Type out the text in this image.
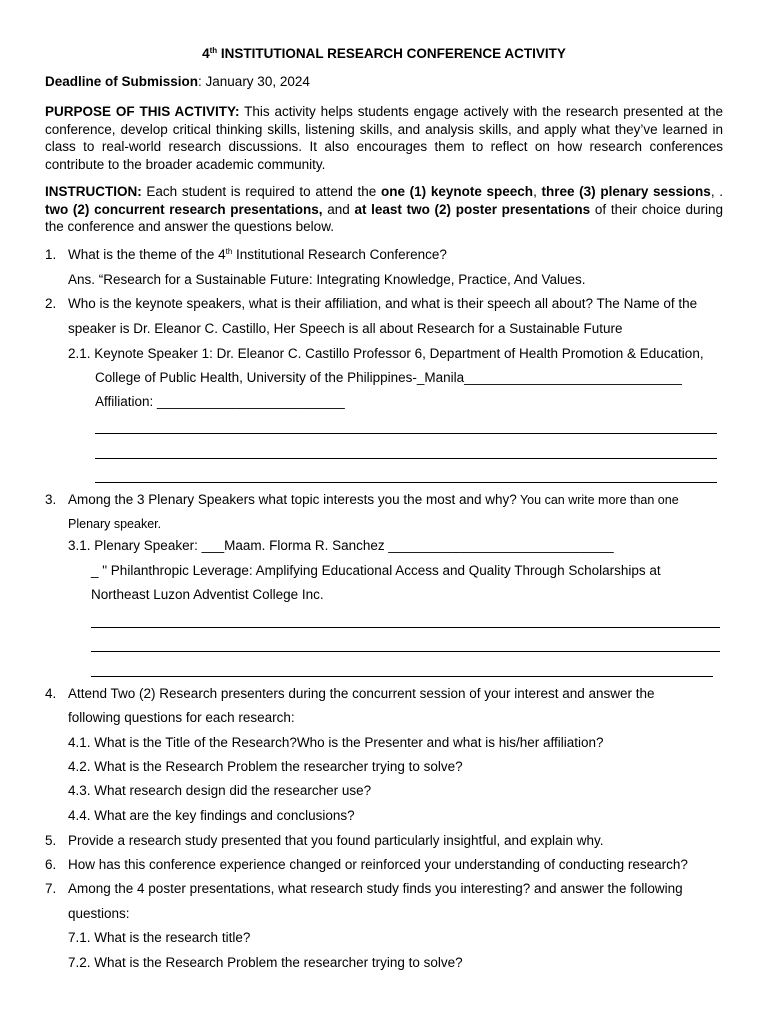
4th INSTITUTIONAL RESEARCH CONFERENCE ACTIVITY
Deadline of Submission: January 30, 2024
PURPOSE OF THIS ACTIVITY: This activity helps students engage actively with the research presented at the conference, develop critical thinking skills, listening skills, and analysis skills, and apply what they’ve learned in class to real-world research discussions. It also encourages them to reflect on how research conferences contribute to the broader academic community.
INSTRUCTION: Each student is required to attend the one (1) keynote speech, three (3) plenary sessions, . two (2) concurrent research presentations, and at least two (2) poster presentations of their choice during the conference and answer the questions below.
1. What is the theme of the 4th Institutional Research Conference?
Ans. “Research for a Sustainable Future: Integrating Knowledge, Practice, And Values.
2. Who is the keynote speakers, what is their affiliation, and what is their speech all about? The Name of the
speaker is Dr. Eleanor C. Castillo, Her Speech is all about Research for a Sustainable Future
2.1. Keynote Speaker 1: Dr. Eleanor C. Castillo Professor 6, Department of Health Promotion & Education,
College of Public Health, University of the Philippines-_Manila_____________________________
Affiliation: _________________________
3. Among the 3 Plenary Speakers what topic interests you the most and why? You can write more than one
Plenary speaker.
3.1. Plenary Speaker: ___Maam. Florma R. Sanchez ______________________________
_ " Philanthropic Leverage: Amplifying Educational Access and Quality Through Scholarships at
Northeast Luzon Adventist College Inc.
4. Attend Two (2) Research presenters during the concurrent session of your interest and answer the
following questions for each research:
4.1. What is the Title of the Research?Who is the Presenter and what is his/her affiliation?
4.2. What is the Research Problem the researcher trying to solve?
4.3. What research design did the researcher use?
4.4. What are the key findings and conclusions?
5. Provide a research study presented that you found particularly insightful, and explain why.
6. How has this conference experience changed or reinforced your understanding of conducting research?
7. Among the 4 poster presentations, what research study finds you interesting? and answer the following
questions:
7.1. What is the research title?
7.2. What is the Research Problem the researcher trying to solve?
